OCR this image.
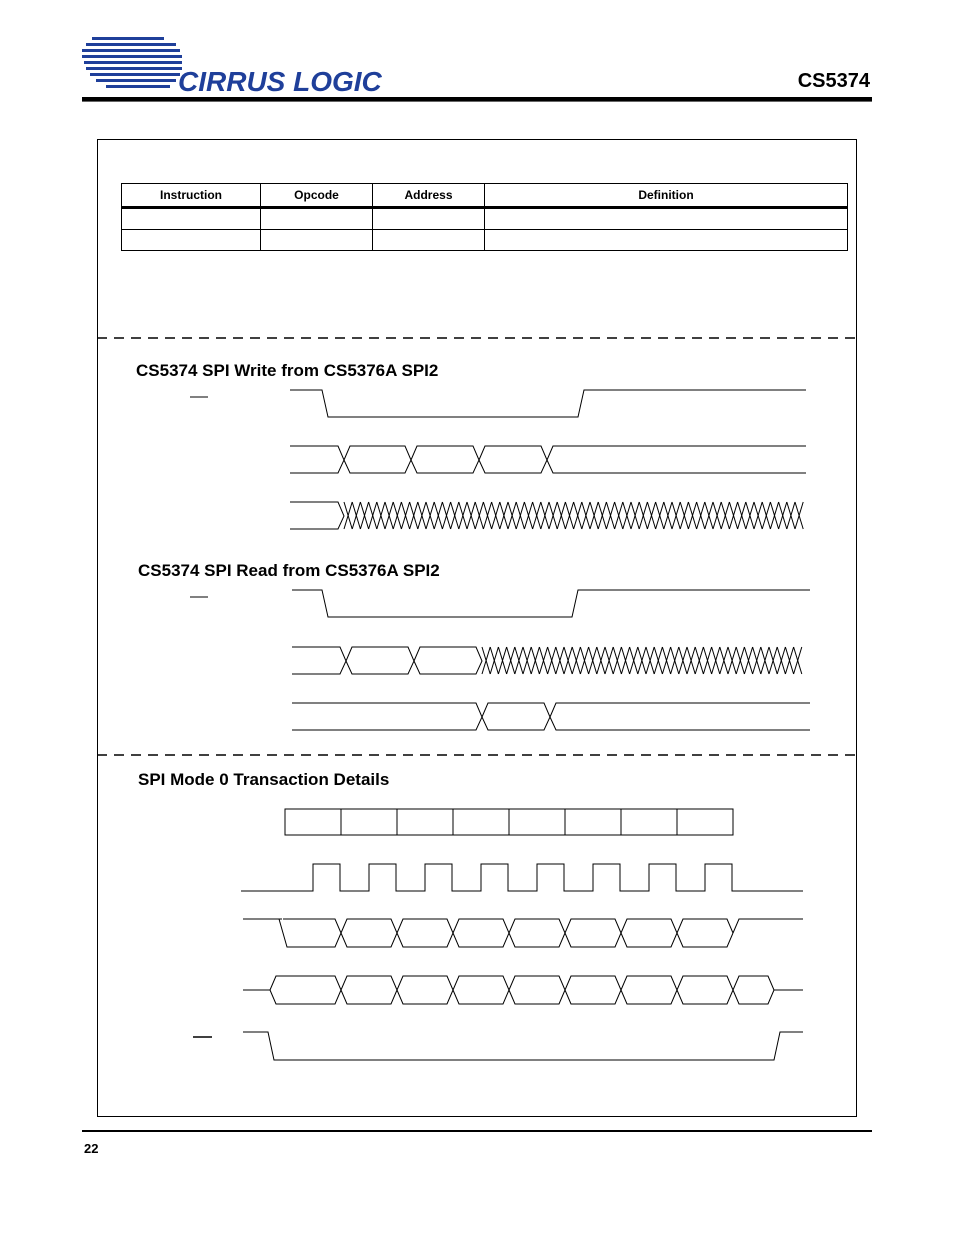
CIRRUS LOGIC	CS5374
Instruction	Opcode	Address	Definition

CS5374 SPI Write from CS5376A SPI2
CS5374 SPI Read from CS5376A SPI2
SPI Mode 0 Transaction Details
22
